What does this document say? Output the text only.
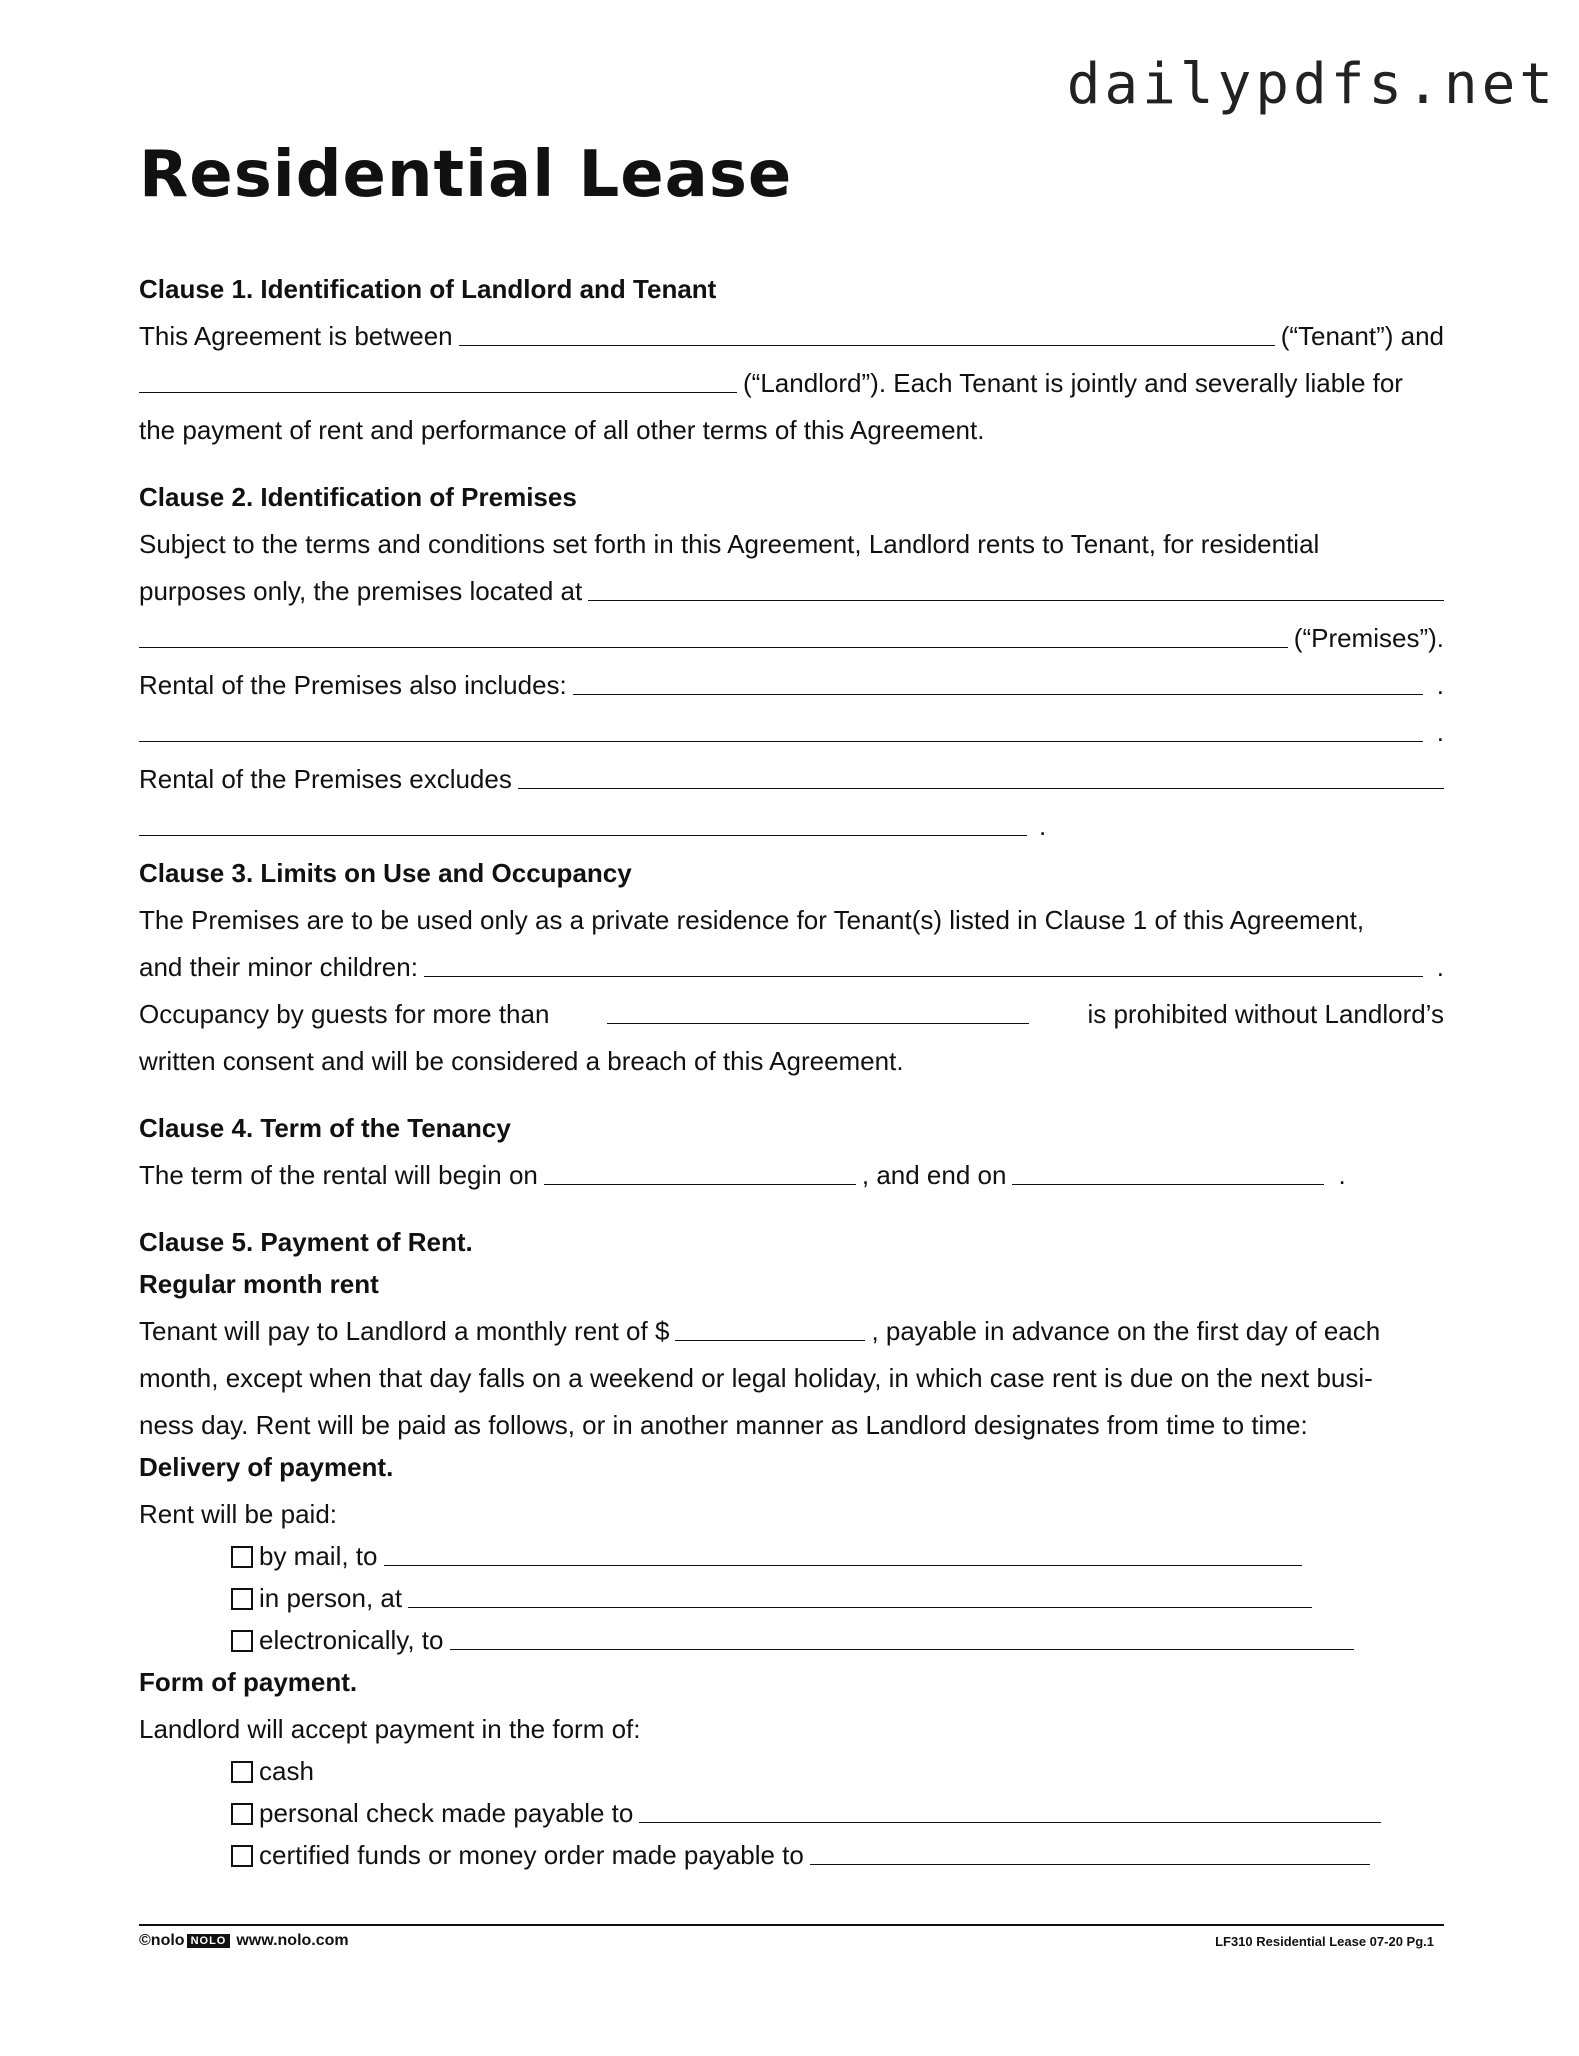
dailypdfs.net
Residential Lease
Clause 1. Identification of Landlord and Tenant
This Agreement is between	(“Tenant”) and
(“Landlord”). Each Tenant is jointly and severally liable for
the payment of rent and performance of all other terms of this Agreement.
Clause 2. Identification of Premises
Subject to the terms and conditions set forth in this Agreement, Landlord rents to Tenant, for residential
purposes only, the premises located at
(“Premises”).
Rental of the Premises also includes:	.
.
Rental of the Premises excludes
.
Clause 3. Limits on Use and Occupancy
The Premises are to be used only as a private residence for Tenant(s) listed in Clause 1 of this Agreement,
and their minor children:	.
Occupancy by guests for more than	is prohibited without Landlord’s
written consent and will be considered a breach of this Agreement.
Clause 4. Term of the Tenancy
The term of the rental will begin on	, and end on	.
Clause 5. Payment of Rent.
Regular month rent
Tenant will pay to Landlord a monthly rent of $	, payable in advance on the first day of each
month, except when that day falls on a weekend or legal holiday, in which case rent is due on the next busi-
ness day. Rent will be paid as follows, or in another manner as Landlord designates from time to time:
Delivery of payment.
Rent will be paid:
by mail, to
in person, at
electronically, to
Form of payment.
Landlord will accept payment in the form of:
cash
personal check made payable to
certified funds or money order made payable to
©nolo NOLO www.nolo.com	LF310 Residential Lease 07-20 Pg.1
